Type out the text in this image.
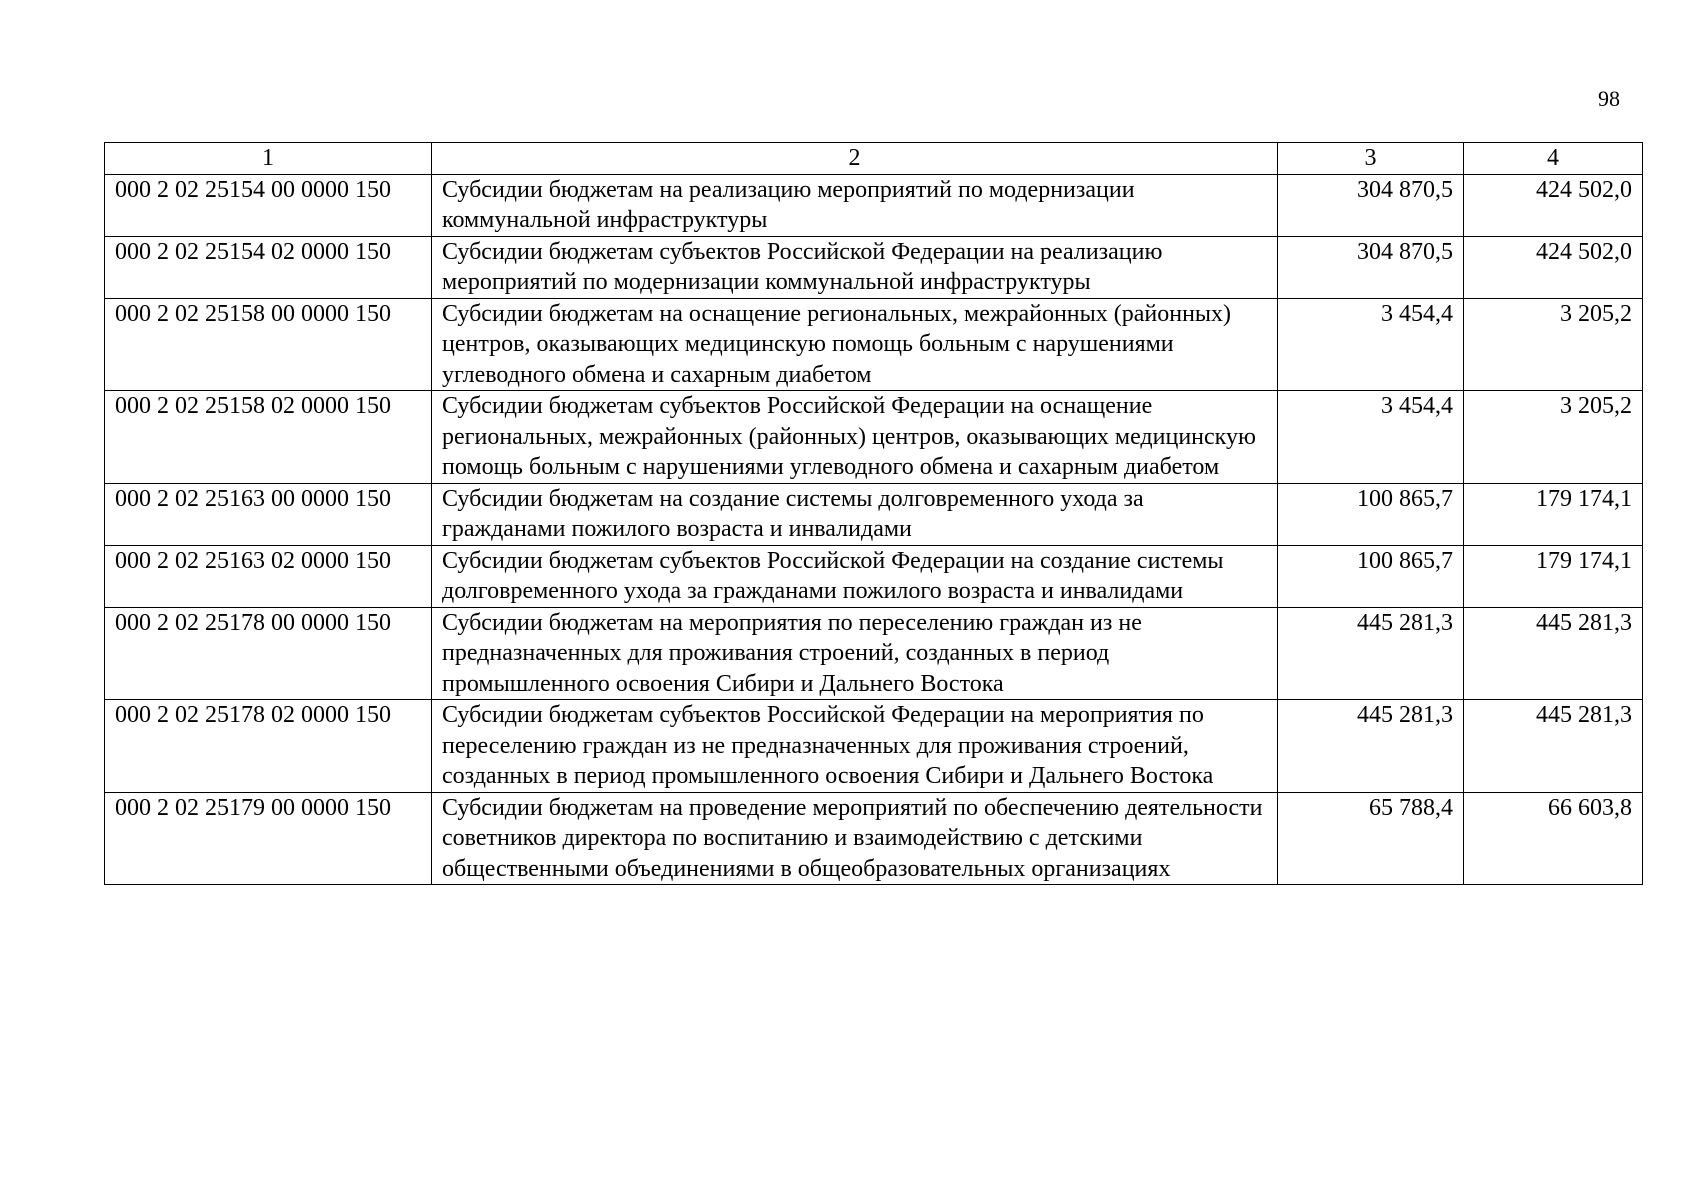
98
1	2	3	4
000 2 02 25154 00 0000 150	Субсидии бюджетам на реализацию мероприятий по модернизации коммунальной инфраструктуры	304 870,5	424 502,0
000 2 02 25154 02 0000 150	Субсидии бюджетам субъектов Российской Федерации на реализацию мероприятий по модернизации коммунальной инфраструктуры	304 870,5	424 502,0
000 2 02 25158 00 0000 150	Субсидии бюджетам на оснащение региональных, межрайонных (районных) центров, оказывающих медицинскую помощь больным с нарушениями углеводного обмена и сахарным диабетом	3 454,4	3 205,2
000 2 02 25158 02 0000 150	Субсидии бюджетам субъектов Российской Федерации на оснащение региональных, межрайонных (районных) центров, оказывающих медицинскую помощь больным с нарушениями углеводного обмена и сахарным диабетом	3 454,4	3 205,2
000 2 02 25163 00 0000 150	Субсидии бюджетам на создание системы долговременного ухода за гражданами пожилого возраста и инвалидами	100 865,7	179 174,1
000 2 02 25163 02 0000 150	Субсидии бюджетам субъектов Российской Федерации на создание системы долговременного ухода за гражданами пожилого возраста и инвалидами	100 865,7	179 174,1
000 2 02 25178 00 0000 150	Субсидии бюджетам на мероприятия по переселению граждан из не предназначенных для проживания строений, созданных в период промышленного освоения Сибири и Дальнего Востока	445 281,3	445 281,3
000 2 02 25178 02 0000 150	Субсидии бюджетам субъектов Российской Федерации на мероприятия по переселению граждан из не предназначенных для проживания строений, созданных в период промышленного освоения Сибири и Дальнего Востока	445 281,3	445 281,3
000 2 02 25179 00 0000 150	Субсидии бюджетам на проведение мероприятий по обеспечению деятельности советников директора по воспитанию и взаимодействию с детскими общественными объединениями в общеобразовательных организациях	65 788,4	66 603,8
